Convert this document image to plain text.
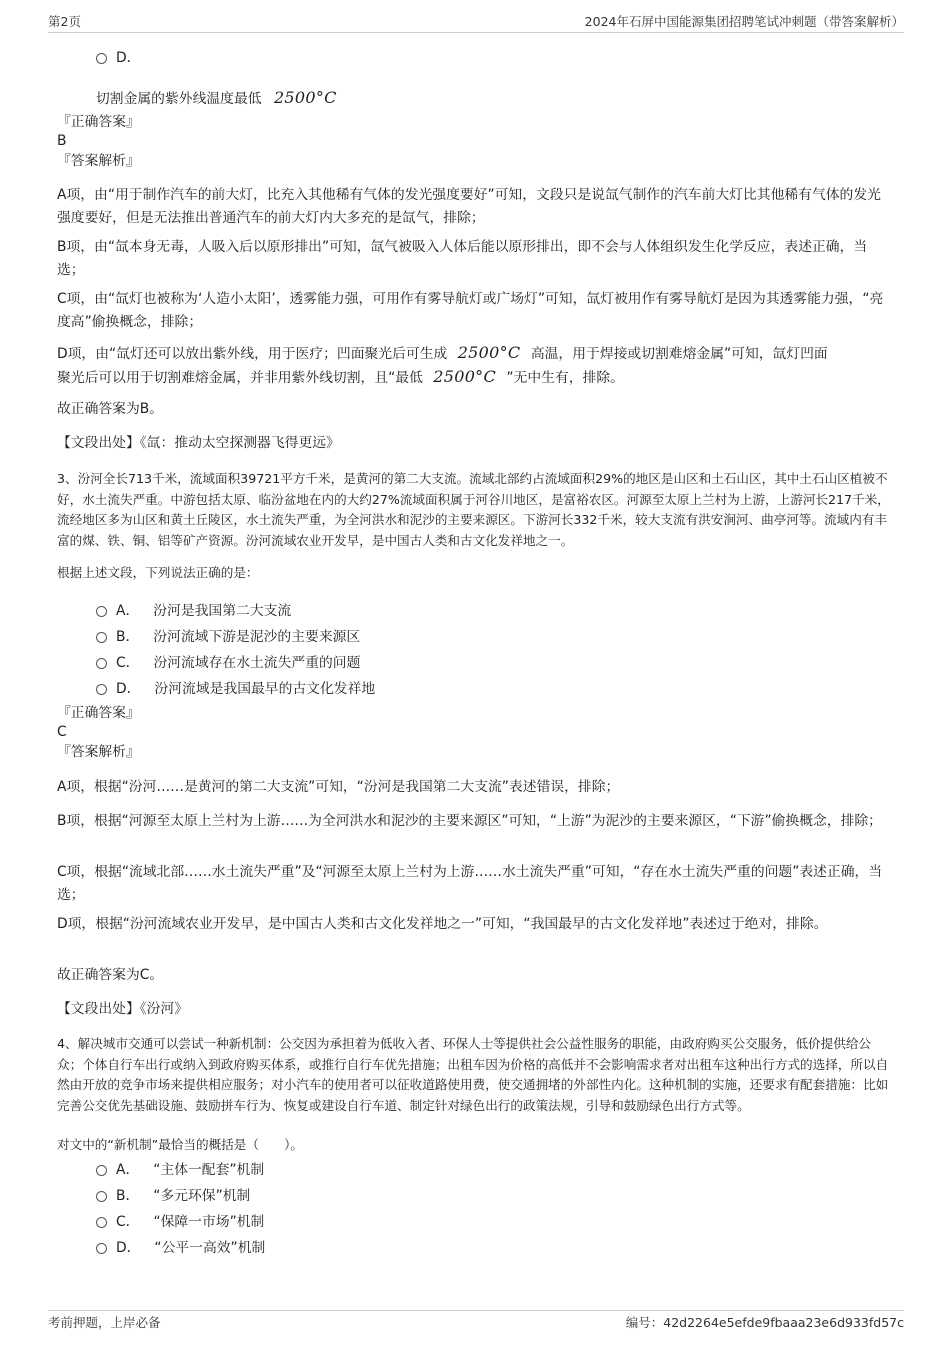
第2页	2024年石屏中国能源集团招聘笔试冲刺题（带答案解析）
D．
切割金属的紫外线温度最低 2500°C
『正确答案』
B
『答案解析』
A项，由“用于制作汽车的前大灯，比充入其他稀有气体的发光强度要好”可知，文段只是说氙气制作的汽车前大灯比其他稀有气体的发光强度要好，但是无法推出普通汽车的前大灯内大多充的是氙气，排除；
B项，由“氙本身无毒，人吸入后以原形排出”可知，氙气被吸入人体后能以原形排出，即不会与人体组织发生化学反应，表述正确，当选；
C项，由“氙灯也被称为‘人造小太阳’，透雾能力强，可用作有雾导航灯或广场灯”可知，氙灯被用作有雾导航灯是因为其透雾能力强，“亮度高”偷换概念，排除；
D项，由“氙灯还可以放出紫外线，用于医疗；凹面聚光后可生成 2500°C 高温，用于焊接或切割难熔金属”可知，氙灯凹面
聚光后可以用于切割难熔金属，并非用紫外线切割，且“最低 2500°C ”无中生有，排除。
故正确答案为B。
【文段出处】《氙：推动太空探测器飞得更远》
3、汾河全长713千米，流域面积39721平方千米，是黄河的第二大支流。流域北部约占流域面积29%的地区是山区和土石山区，其中土石山区植被不好，水土流失严重。中游包括太原、临汾盆地在内的大约27%流域面积属于河谷川地区，是富裕农区。河源至太原上兰村为上游，上游河长217千米，流经地区多为山区和黄土丘陵区，水土流失严重，为全河洪水和泥沙的主要来源区。下游河长332千米，较大支流有洪安涧河、曲亭河等。流域内有丰富的煤、铁、铜、铝等矿产资源。汾河流域农业开发早，是中国古人类和古文化发祥地之一。
根据上述文段，下列说法正确的是：
A． 汾河是我国第二大支流
B． 汾河流域下游是泥沙的主要来源区
C． 汾河流域存在水土流失严重的问题
D． 汾河流域是我国最早的古文化发祥地
『正确答案』
C
『答案解析』
A项，根据“汾河……是黄河的第二大支流”可知，“汾河是我国第二大支流”表述错误，排除；
B项，根据“河源至太原上兰村为上游……为全河洪水和泥沙的主要来源区”可知，“上游”为泥沙的主要来源区，“下游”偷换概念，排除；
C项，根据“流域北部……水土流失严重”及“河源至太原上兰村为上游……水土流失严重”可知，“存在水土流失严重的问题”表述正确，当选；
D项，根据“汾河流域农业开发早，是中国古人类和古文化发祥地之一”可知，“我国最早的古文化发祥地”表述过于绝对，排除。
故正确答案为C。
【文段出处】《汾河》
4、解决城市交通可以尝试一种新机制：公交因为承担着为低收入者、环保人士等提供社会公益性服务的职能，由政府购买公交服务，低价提供给公众；个体自行车出行或纳入到政府购买体系，或推行自行车优先措施；出租车因为价格的高低并不会影响需求者对出租车这种出行方式的选择，所以自然由开放的竞争市场来提供相应服务；对小汽车的使用者可以征收道路使用费，使交通拥堵的外部性内化。这种机制的实施，还要求有配套措施：比如完善公交优先基础设施、鼓励拼车行为、恢复或建设自行车道、制定针对绿色出行的政策法规，引导和鼓励绿色出行方式等。
对文中的“新机制”最恰当的概括是（　　）。
A． “主体一配套”机制
B． “多元环保”机制
C． “保障一市场”机制
D． “公平一高效”机制
考前押题，上岸必备	编号：42d2264e5efde9fbaaa23e6d933fd57c
